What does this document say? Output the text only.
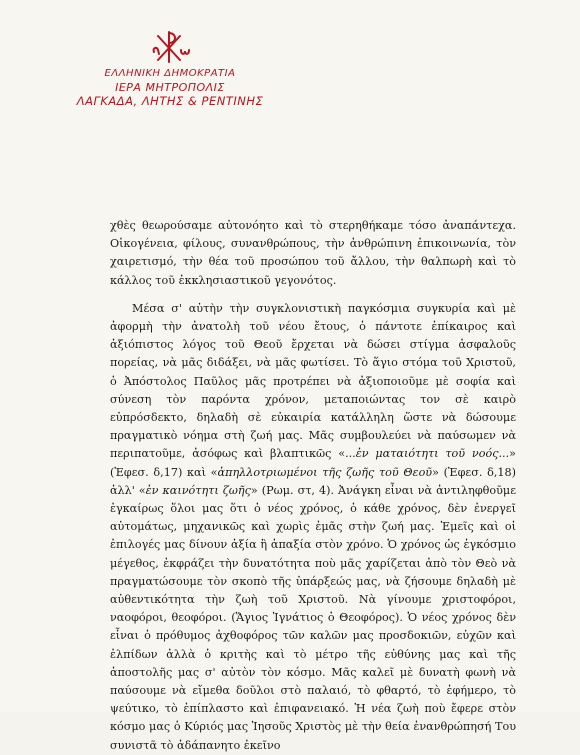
ΕΛΛΗΝΙΚΗ ΔΗΜΟΚΡΑΤΙΑ
ΙΕΡΑ ΜΗΤΡΟΠΟΛΙΣ
ΛΑΓΚΑΔΑ, ΛΗΤΗΣ & ΡΕΝΤΙΝΗΣ

χθὲς θεωρούσαμε αὐτονόητο καὶ τὸ στερηθήκαμε τόσο ἀναπάντεχα. Οἰκογένεια, φίλους, συνανθρώπους, τὴν ἀνθρώπινη ἐπικοινωνία, τὸν χαιρετισμό, τὴν θέα τοῦ προσώπου τοῦ ἄλλου, τὴν θαλπωρὴ καὶ τὸ κάλλος τοῦ ἐκκλησιαστικοῦ γεγονότος.

Μέσα σ' αὐτὴν τὴν συγκλονιστικὴ παγκόσμια συγκυρία καὶ μὲ ἀφορμὴ τὴν ἀνατολὴ τοῦ νέου ἔτους, ὁ πάντοτε ἐπίκαιρος καὶ ἀξιόπιστος λόγος τοῦ Θεοῦ ἔρχεται νὰ δώσει στίγμα ἀσφαλοῦς πορείας, νὰ μᾶς διδάξει, νὰ μᾶς φωτίσει. Τὸ ἅγιο στόμα τοῦ Χριστοῦ, ὁ Ἀπόστολος Παῦλος μᾶς προτρέπει νὰ ἀξιοποιοῦμε μὲ σοφία καὶ σύνεση τὸν παρόντα χρόνον, μεταποιώντας τον σὲ καιρὸ εὐπρόσδεκτο, δηλαδὴ σὲ εὐκαιρία κατάλληλη ὥστε νὰ δώσουμε πραγματικὸ νόημα στὴ ζωή μας. Μᾶς συμβουλεύει νὰ παύσωμεν νὰ περιπατοῦμε, ἀσόφως καὶ βλαπτικῶς «...ἐν ματαιότητι τοῦ νοός...» (Ἐφεσ. δ,17) καὶ «ἀπηλλοτριωμένοι τῆς ζωῆς τοῦ Θεοῦ» (Ἐφεσ. δ,18) ἀλλ' «ἐν καινότητι ζωῆς» (Ρωμ. στ, 4). Ἀνάγκη εἶναι νὰ ἀντιληφθοῦμε ἐγκαίρως ὅλοι μας ὅτι ὁ νέος χρόνος, ὁ κάθε χρόνος, δὲν ἐνεργεῖ αὐτομάτως, μηχανικῶς καὶ χωρὶς ἐμᾶς στὴν ζωή μας. Ἐμεῖς καὶ οἱ ἐπιλογές μας δίνουν ἀξία ἢ ἀπαξία στὸν χρόνο. Ὁ χρόνος ὡς ἐγκόσμιο μέγεθος, ἐκφράζει τὴν δυνατότητα ποὺ μᾶς χαρίζεται ἀπὸ τὸν Θεὸ νὰ πραγματώσουμε τὸν σκοπὸ τῆς ὑπάρξεώς μας, νὰ ζήσουμε δηλαδὴ μὲ αὐθεντικότητα τὴν ζωὴ τοῦ Χριστοῦ. Νὰ γίνουμε χριστοφόροι, ναοφόροι, θεοφόροι. (Ἅγιος Ἰγνάτιος ὁ Θεοφόρος). Ὁ νέος χρόνος δὲν εἶναι ὁ πρόθυμος ἀχθοφόρος τῶν καλῶν μας προσδοκιῶν, εὐχῶν καὶ ἐλπίδων ἀλλὰ ὁ κριτὴς καὶ τὸ μέτρο τῆς εὐθύνης μας καὶ τῆς ἀποστολῆς μας σ' αὐτὸν τὸν κόσμο. Μᾶς καλεῖ μὲ δυνατὴ φωνὴ νὰ παύσουμε νὰ εἴμεθα δοῦλοι στὸ παλαιό, τὸ φθαρτό, τὸ ἐφήμερο, τὸ ψεύτικο, τὸ ἐπίπλαστο καὶ ἐπιφανειακό. Ἡ νέα ζωὴ ποὺ ἔφερε στὸν κόσμο μας ὁ Κύριός μας Ἰησοῦς Χριστὸς μὲ τὴν θεία ἐνανθρώπησή Του συνιστᾶ τὸ ἀδάπανητο ἐκεῖνο
